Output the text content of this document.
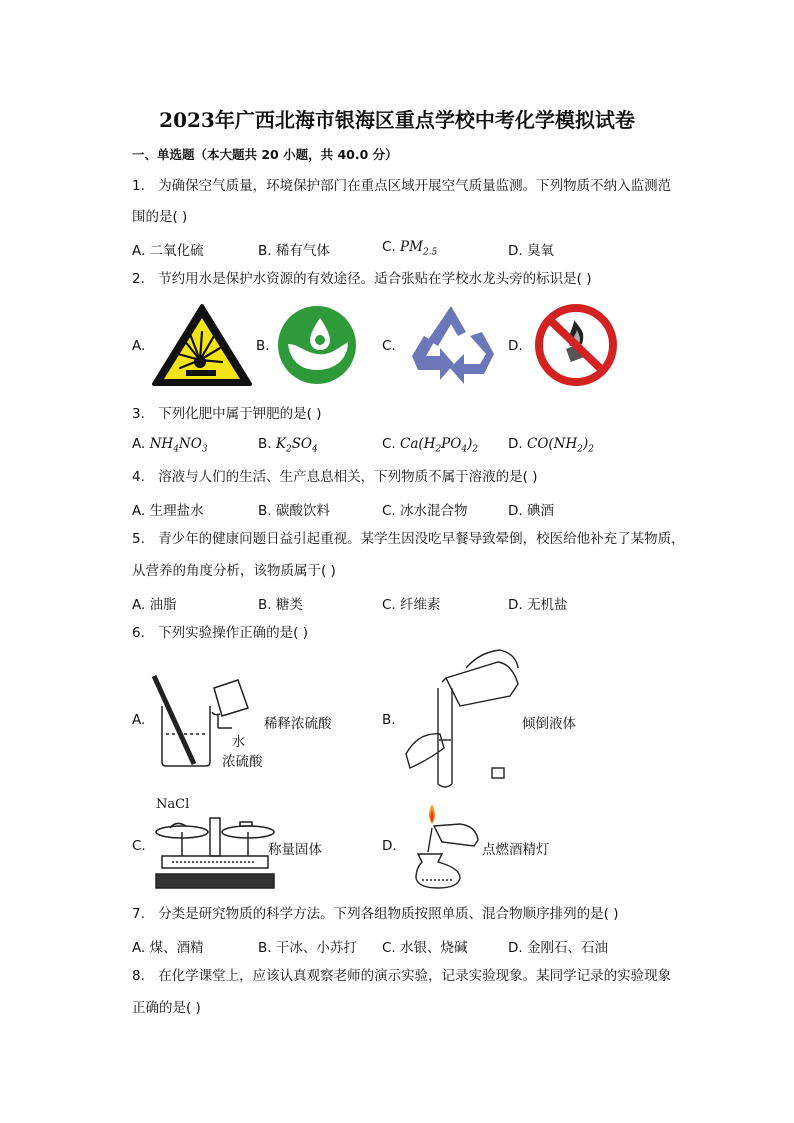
2023年广西北海市银海区重点学校中考化学模拟试卷
一、单选题（本大题共 20 小题，共 40.0 分）
1. 为确保空气质量，环境保护部门在重点区域开展空气质量监测。下列物质不纳入监测范
围的是( )
A. 二氧化硫	B. 稀有气体	C. $PM_{2.5}$	D. 臭氧
2. 节约用水是保护水资源的有效途径。适合张贴在学校水龙头旁的标识是( )
A.	B.	C.	D.
3. 下列化肥中属于钾肥的是( )
A. $NH_4NO_3$	B. $K_2SO_4$	C. $Ca(H_2PO_4)_2$ D. $CO(NH_2)_2$
4. 溶液与人们的生活、生产息息相关，下列物质不属于溶液的是( )
A. 生理盐水	B. 碳酸饮料	C. 冰水混合物	D. 碘酒
5. 青少年的健康问题日益引起重视。某学生因没吃早餐导致晕倒，校医给他补充了某物质，
从营养的角度分析，该物质属于( )
A. 油脂	B. 糖类	C. 纤维素	D. 无机盐
6. 下列实验操作正确的是( )
A.	稀释浓硫酸
水
浓硫酸
B.	倾倒液体
C.
NaCl
称量固体	D.	点燃酒精灯
7. 分类是研究物质的科学方法。下列各组物质按照单质、混合物顺序排列的是( )
A. 煤、酒精	B. 干冰、小苏打 C. 水银、烧碱	D. 金刚石、石油
8. 在化学课堂上，应该认真观察老师的演示实验，记录实验现象。某同学记录的实验现象
正确的是( )
